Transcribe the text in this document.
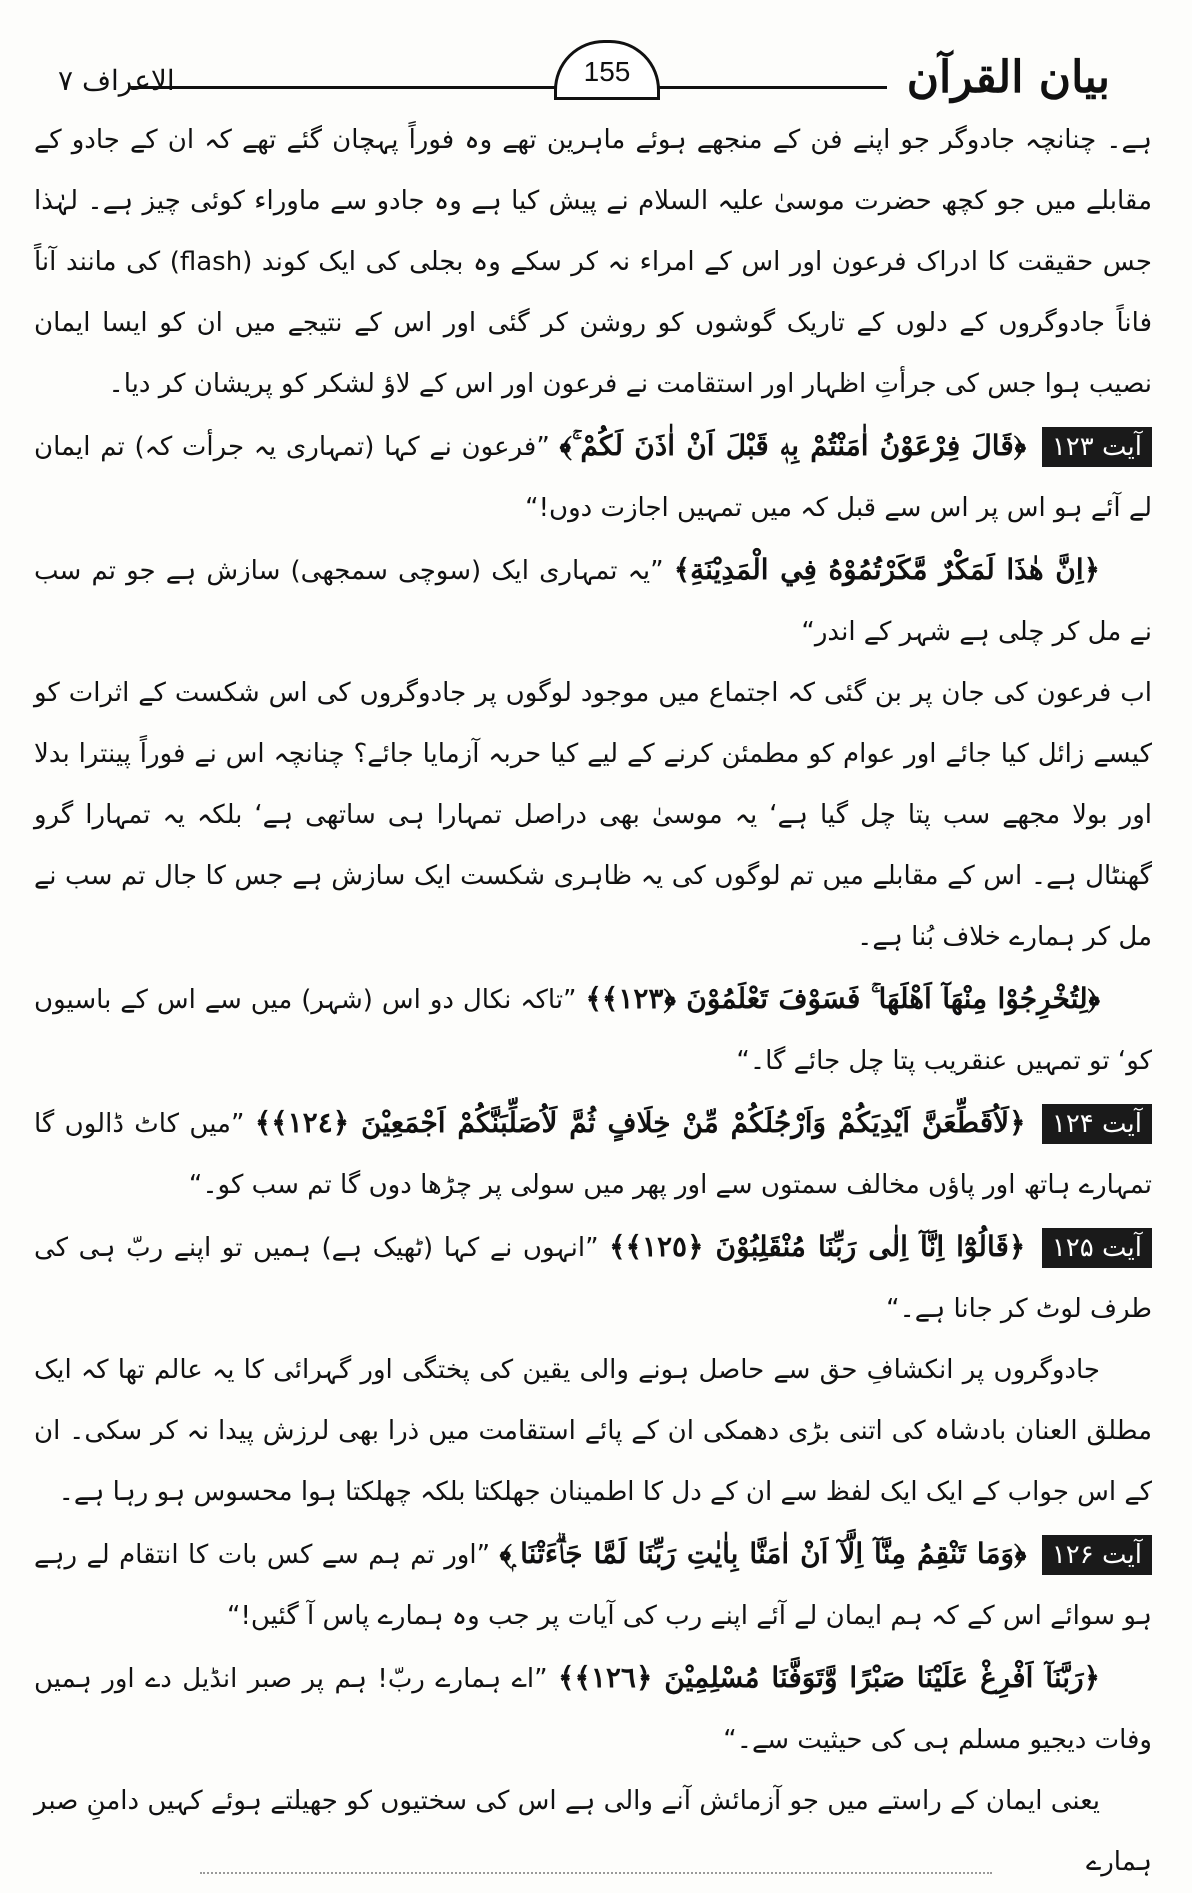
بیان القرآن
155
الاعراف ۷

ہے۔ چنانچہ جادوگر جو اپنے فن کے منجھے ہوئے ماہرین تھے وہ فوراً پہچان گئے تھے کہ ان کے جادو کے مقابلے میں جو کچھ حضرت موسیٰ علیہ السلام نے پیش کیا ہے وہ جادو سے ماوراء کوئی چیز ہے۔ لہٰذا جس حقیقت کا ادراک فرعون اور اس کے امراء نہ کر سکے وہ بجلی کی ایک کوند (flash) کی مانند آناً فاناً جادوگروں کے دلوں کے تاریک گوشوں کو روشن کر گئی اور اس کے نتیجے میں ان کو ایسا ایمان نصیب ہوا جس کی جرأتِ اظہار اور استقامت نے فرعون اور اس کے لاؤ لشکر کو پریشان کر دیا۔

آیت ۱۲۳ ﴿قَالَ فِرْعَوْنُ اٰمَنْتُمْ بِهٖ قَبْلَ اَنْ اٰذَنَ لَكُمْ ۚ﴾ ”فرعون نے کہا (تمہاری یہ جرأت کہ) تم ایمان لے آئے ہو اس پر اس سے قبل کہ میں تمہیں اجازت دوں!“

﴿اِنَّ هٰذَا لَمَكْرٌ مَّكَرْتُمُوْهُ فِي الْمَدِيْنَةِ﴾ ”یہ تمہاری ایک (سوچی سمجھی) سازش ہے جو تم سب نے مل کر چلی ہے شہر کے اندر“

اب فرعون کی جان پر بن گئی کہ اجتماع میں موجود لوگوں پر جادوگروں کی اس شکست کے اثرات کو کیسے زائل کیا جائے اور عوام کو مطمئن کرنے کے لیے کیا حربہ آزمایا جائے؟ چنانچہ اس نے فوراً پینترا بدلا اور بولا مجھے سب پتا چل گیا ہے‘ یہ موسیٰ بھی دراصل تمہارا ہی ساتھی ہے‘ بلکہ یہ تمہارا گرو گھنٹال ہے۔ اس کے مقابلے میں تم لوگوں کی یہ ظاہری شکست ایک سازش ہے جس کا جال تم سب نے مل کر ہمارے خلاف بُنا ہے۔

﴿لِتُخْرِجُوْا مِنْهَآ اَهْلَهَا ۚ فَسَوْفَ تَعْلَمُوْنَ ﴿١٢٣﴾﴾ ”تاکہ نکال دو اس (شہر) میں سے اس کے باسیوں کو‘ تو تمہیں عنقریب پتا چل جائے گا۔“

آیت ۱۲۴ ﴿لَاُقَطِّعَنَّ اَيْدِيَكُمْ وَاَرْجُلَكُمْ مِّنْ خِلَافٍ ثُمَّ لَاُصَلِّبَنَّكُمْ اَجْمَعِيْنَ ﴿١٢٤﴾﴾ ”میں کاٹ ڈالوں گا تمہارے ہاتھ اور پاؤں مخالف سمتوں سے اور پھر میں سولی پر چڑھا دوں گا تم سب کو۔“

آیت ۱۲۵ ﴿قَالُوْٓا اِنَّآ اِلٰى رَبِّنَا مُنْقَلِبُوْنَ ﴿١٢٥﴾﴾ ”انہوں نے کہا (ٹھیک ہے) ہمیں تو اپنے ربّ ہی کی طرف لوٹ کر جانا ہے۔“

جادوگروں پر انکشافِ حق سے حاصل ہونے والی یقین کی پختگی اور گہرائی کا یہ عالم تھا کہ ایک مطلق العنان بادشاہ کی اتنی بڑی دھمکی ان کے پائے استقامت میں ذرا بھی لرزش پیدا نہ کر سکی۔ ان کے اس جواب کے ایک ایک لفظ سے ان کے دل کا اطمینان جھلکتا بلکہ چھلکتا ہوا محسوس ہو رہا ہے۔

آیت ۱۲۶ ﴿وَمَا تَنْقِمُ مِنَّآ اِلَّآ اَنْ اٰمَنَّا بِاٰيٰتِ رَبِّنَا لَمَّا جَاۗءَتْنَا ۭ﴾ ”اور تم ہم سے کس بات کا انتقام لے رہے ہو سوائے اس کے کہ ہم ایمان لے آئے اپنے رب کی آیات پر جب وہ ہمارے پاس آ گئیں!“

﴿رَبَّنَآ اَفْرِغْ عَلَيْنَا صَبْرًا وَّتَوَفَّنَا مُسْلِمِيْنَ ﴿١٢٦﴾﴾ ”اے ہمارے ربّ! ہم پر صبر انڈیل دے اور ہمیں وفات دیجیو مسلم ہی کی حیثیت سے۔“

یعنی ایمان کے راستے میں جو آزمائش آنے والی ہے اس کی سختیوں کو جھیلتے ہوئے کہیں دامنِ صبر ہمارے
